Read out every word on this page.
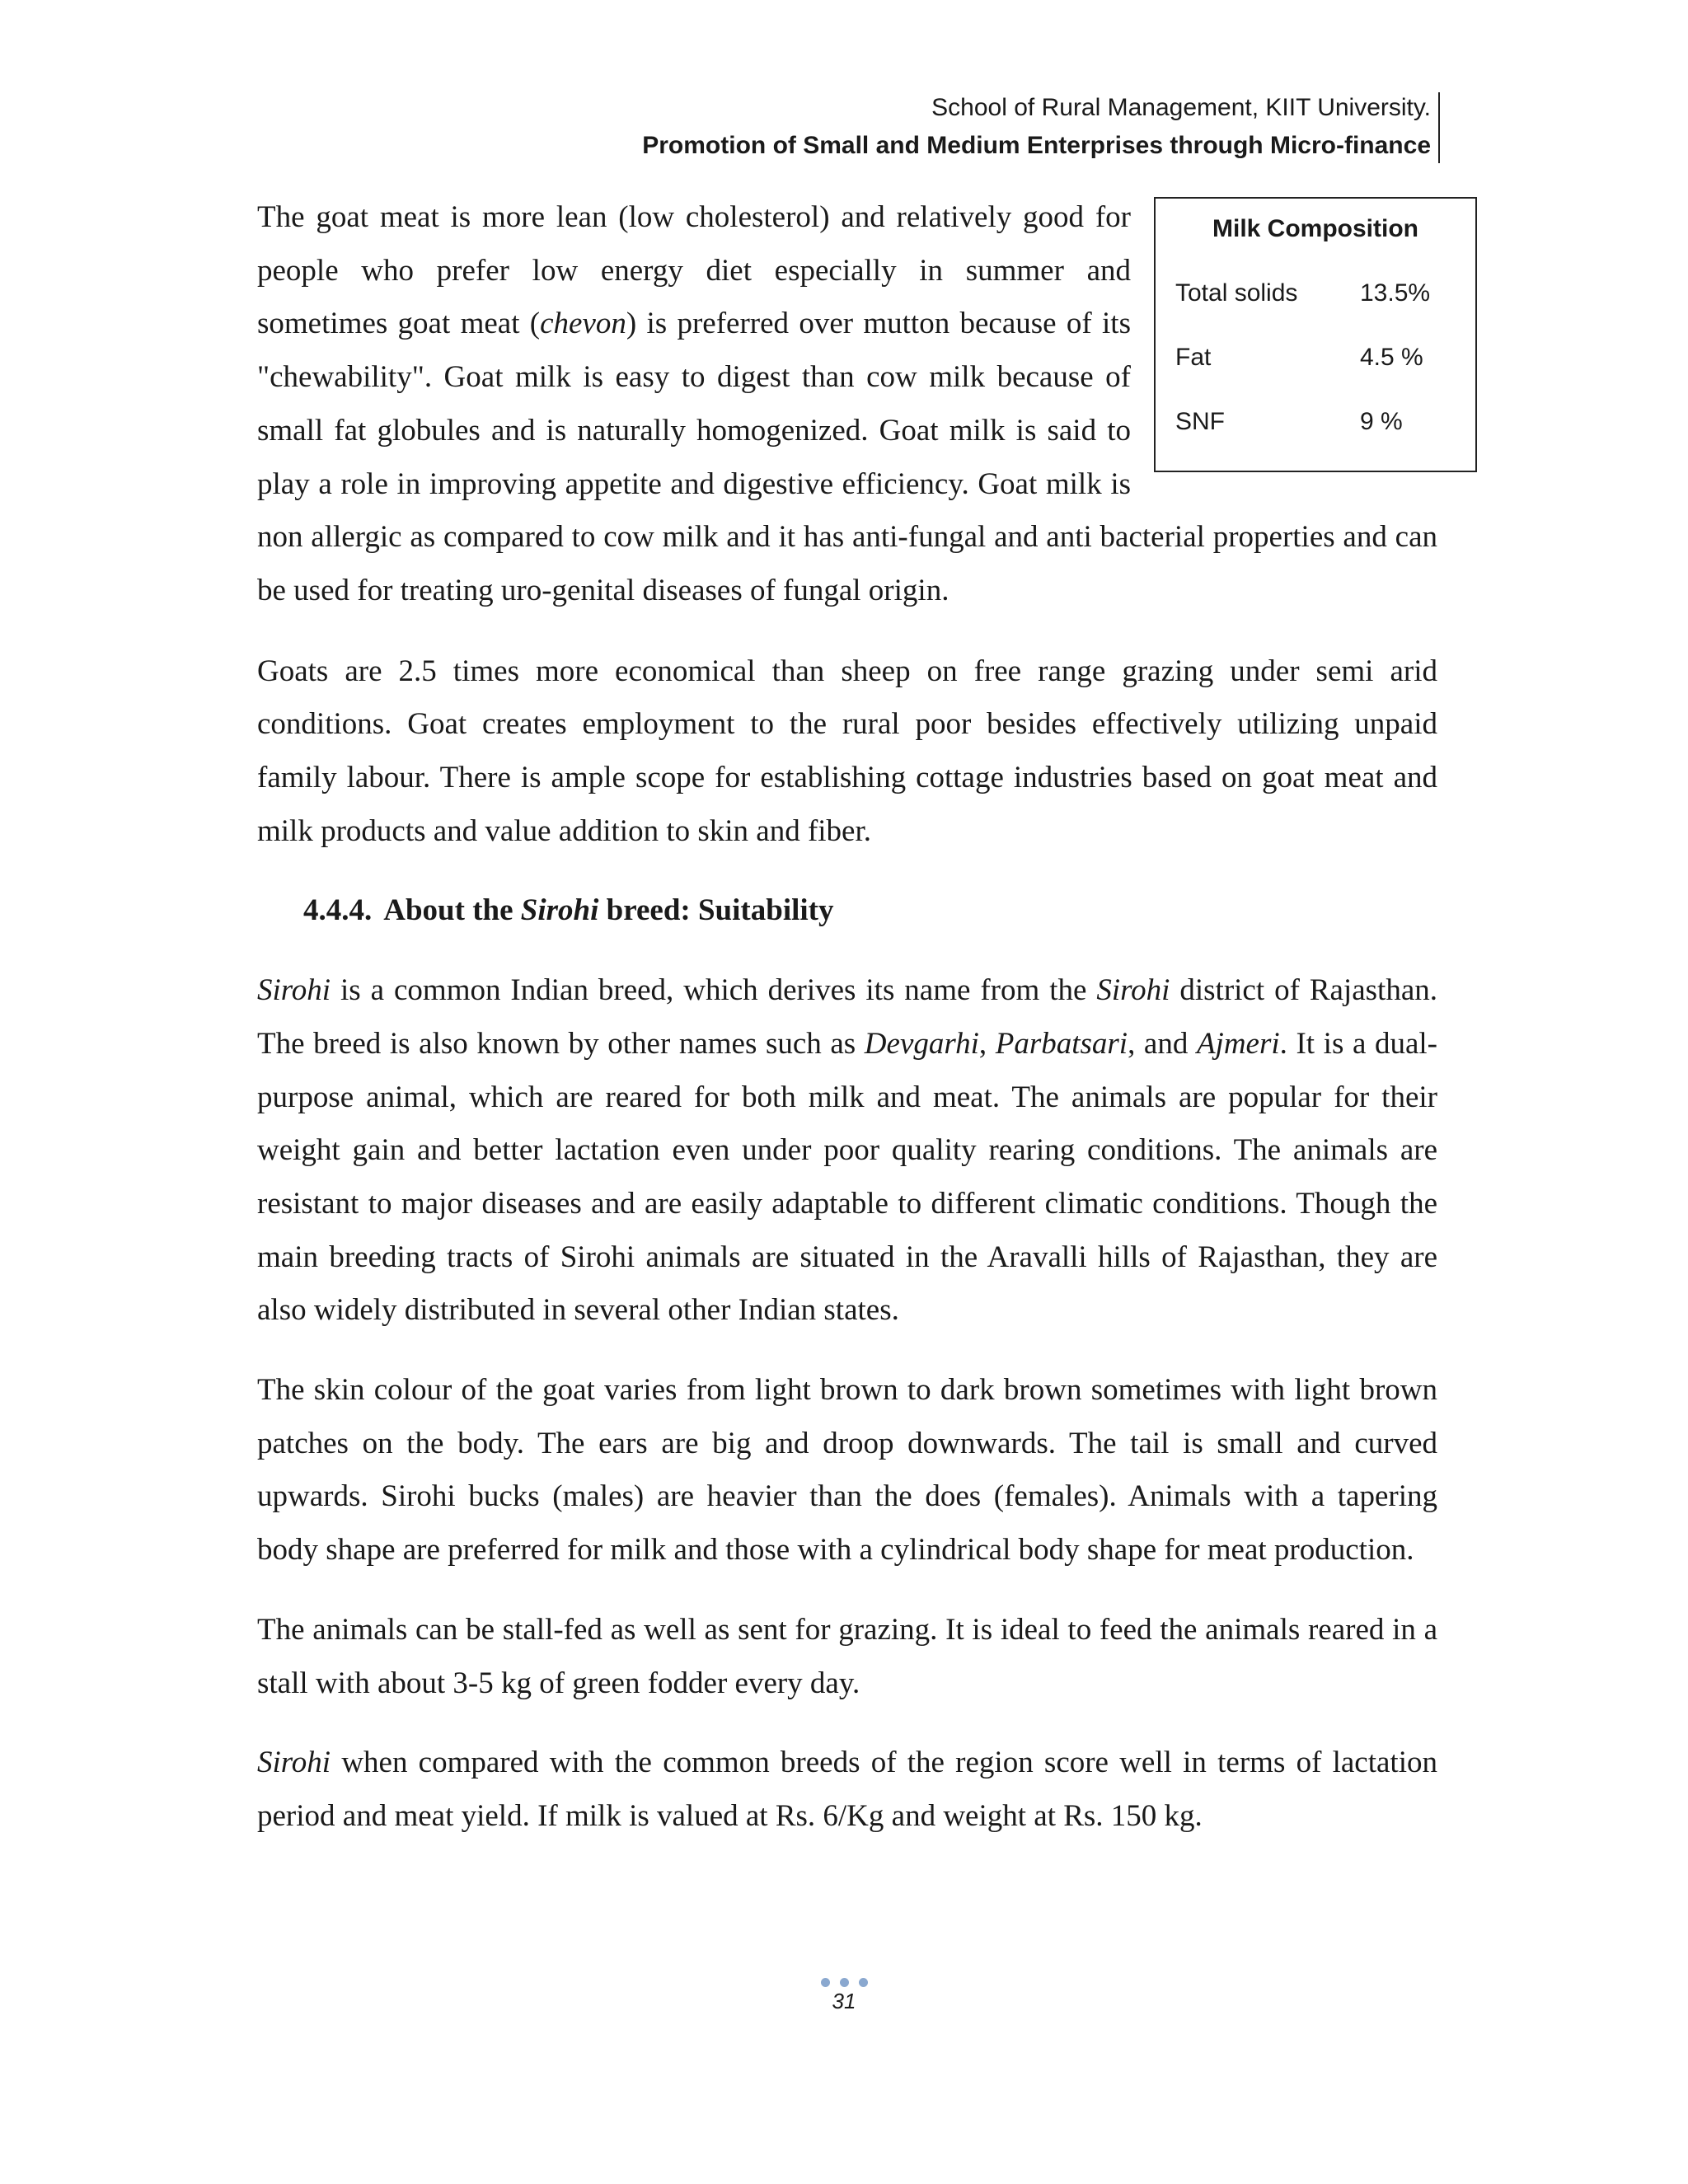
School of Rural Management, KIIT University.
Promotion of Small and Medium Enterprises through Micro-finance

Milk Composition
Total solids	13.5%
Fat	4.5 %
SNF	9 %
The goat meat is more lean (low cholesterol) and relatively good for people who prefer low energy diet especially in summer and sometimes goat meat (chevon) is preferred over mutton because of its "chewability". Goat milk is easy to digest than cow milk because of small fat globules and is naturally homogenized. Goat milk is said to play a role in improving appetite and digestive efficiency. Goat milk is non allergic as compared to cow milk and it has anti-fungal and anti bacterial properties and can be used for treating uro-genital diseases of fungal origin.

Goats are 2.5 times more economical than sheep on free range grazing under semi arid conditions. Goat creates employment to the rural poor besides effectively utilizing unpaid family labour. There is ample scope for establishing cottage industries based on goat meat and milk products and value addition to skin and fiber.

4.4.4. About the Sirohi breed: Suitability

Sirohi is a common Indian breed, which derives its name from the Sirohi district of Rajasthan. The breed is also known by other names such as Devgarhi, Parbatsari, and Ajmeri. It is a dual-purpose animal, which are reared for both milk and meat. The animals are popular for their weight gain and better lactation even under poor quality rearing conditions. The animals are resistant to major diseases and are easily adaptable to different climatic conditions. Though the main breeding tracts of Sirohi animals are situated in the Aravalli hills of Rajasthan, they are also widely distributed in several other Indian states.

The skin colour of the goat varies from light brown to dark brown sometimes with light brown patches on the body. The ears are big and droop downwards. The tail is small and curved upwards. Sirohi bucks (males) are heavier than the does (females). Animals with a tapering body shape are preferred for milk and those with a cylindrical body shape for meat production.

The animals can be stall-fed as well as sent for grazing. It is ideal to feed the animals reared in a stall with about 3-5 kg of green fodder every day.

Sirohi when compared with the common breeds of the region score well in terms of lactation period and meat yield. If milk is valued at Rs. 6/Kg and weight at Rs. 150 kg.

31
